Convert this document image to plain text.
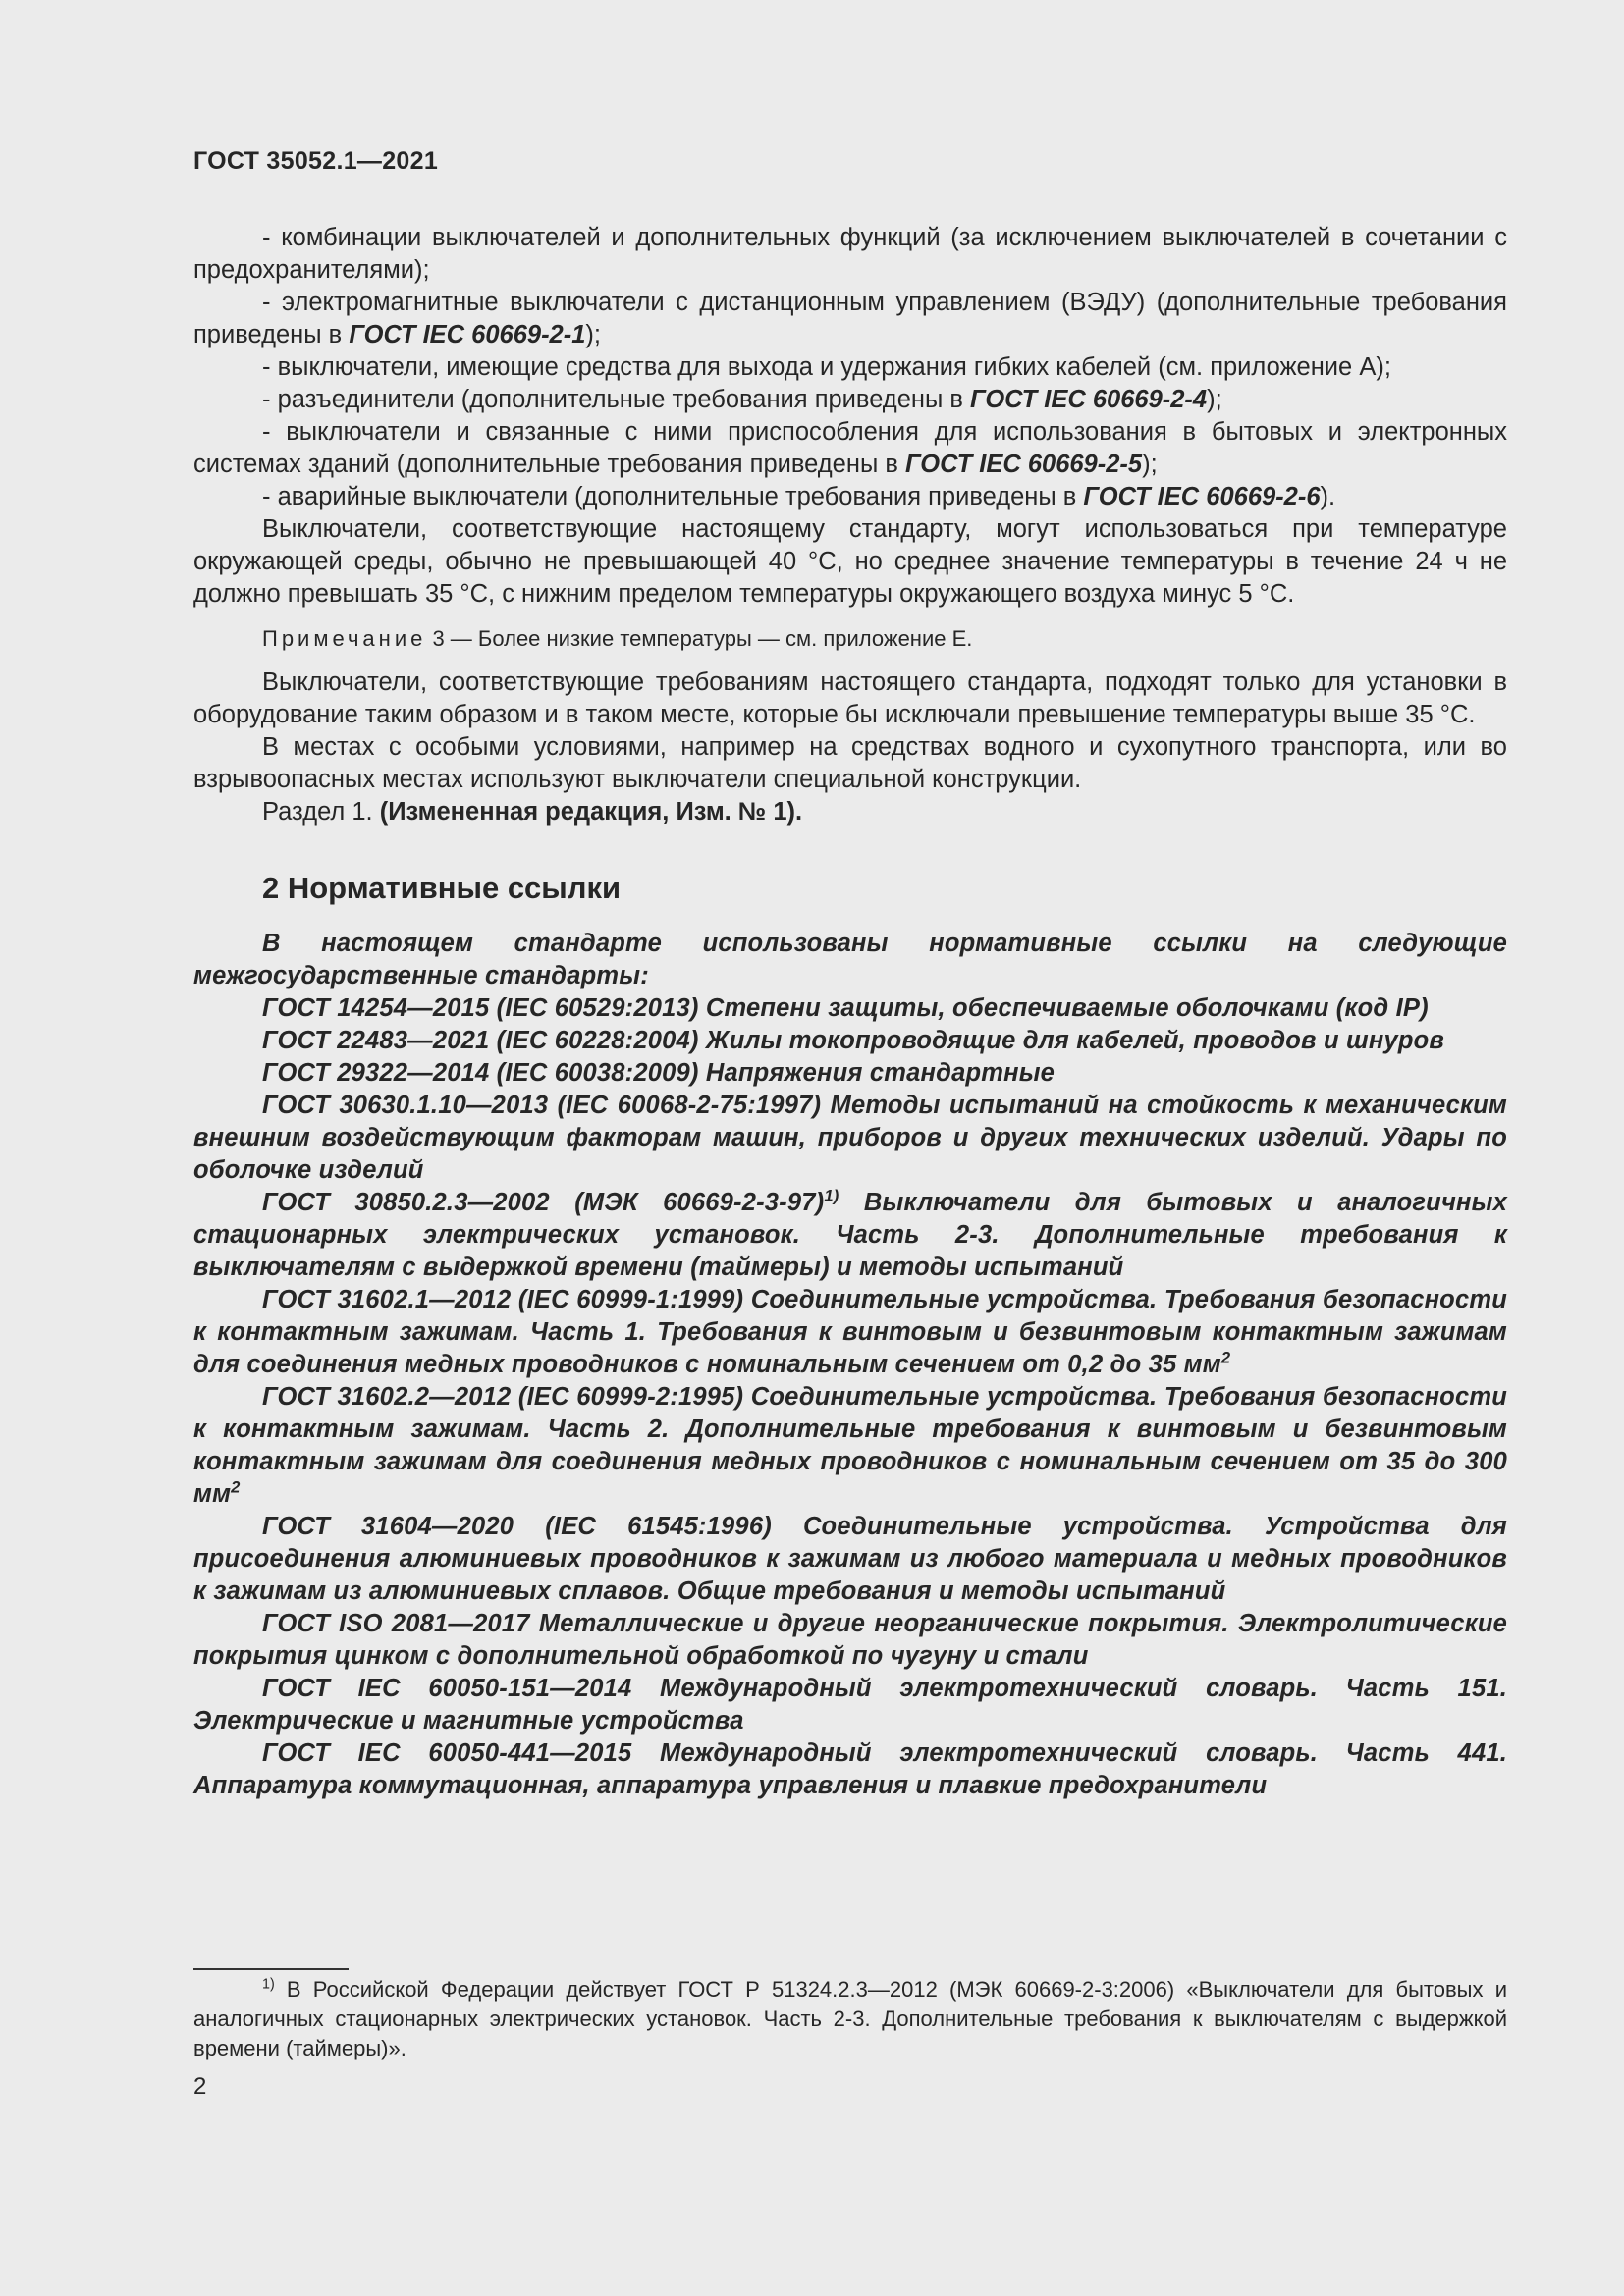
ГОСТ 35052.1—2021

- комбинации выключателей и дополнительных функций (за исключением выключателей в сочетании с предохранителями);

- электромагнитные выключатели с дистанционным управлением (ВЭДУ) (дополнительные требования приведены в ГОСТ IEC 60669-2-1);

- выключатели, имеющие средства для выхода и удержания гибких кабелей (см. приложение А);

- разъединители (дополнительные требования приведены в ГОСТ IEC 60669-2-4);

- выключатели и связанные с ними приспособления для использования в бытовых и электронных системах зданий (дополнительные требования приведены в ГОСТ IEC 60669-2-5);

- аварийные выключатели (дополнительные требования приведены в ГОСТ IEC 60669-2-6).

Выключатели, соответствующие настоящему стандарту, могут использоваться при температуре окружающей среды, обычно не превышающей 40 °С, но среднее значение температуры в течение 24 ч не должно превышать 35 °С, с нижним пределом температуры окружающего воздуха минус 5 °С.

Примечание 3 — Более низкие температуры — см. приложение Е.

Выключатели, соответствующие требованиям настоящего стандарта, подходят только для установки в оборудование таким образом и в таком месте, которые бы исключали превышение температуры выше 35 °С.

В местах с особыми условиями, например на средствах водного и сухопутного транспорта, или во взрывоопасных местах используют выключатели специальной конструкции.

Раздел 1. (Измененная редакция, Изм. № 1).

2 Нормативные ссылки

В настоящем стандарте использованы нормативные ссылки на следующие межгосударственные стандарты:

ГОСТ 14254—2015 (IEC 60529:2013) Степени защиты, обеспечиваемые оболочками (код IP)

ГОСТ 22483—2021 (IEC 60228:2004) Жилы токопроводящие для кабелей, проводов и шнуров

ГОСТ 29322—2014 (IEC 60038:2009) Напряжения стандартные

ГОСТ 30630.1.10—2013 (IEC 60068-2-75:1997) Методы испытаний на стойкость к механическим внешним воздействующим факторам машин, приборов и других технических изделий. Удары по оболочке изделий

ГОСТ 30850.2.3—2002 (МЭК 60669-2-3-97)$^{1)}$ Выключатели для бытовых и аналогичных стационарных электрических установок. Часть 2-3. Дополнительные требования к выключателям с выдержкой времени (таймеры) и методы испытаний

ГОСТ 31602.1—2012 (IEC 60999-1:1999) Соединительные устройства. Требования безопасности к контактным зажимам. Часть 1. Требования к винтовым и безвинтовым контактным зажимам для соединения медных проводников с номинальным сечением от 0,2 до 35 $мм^2$

ГОСТ 31602.2—2012 (IEC 60999-2:1995) Соединительные устройства. Требования безопасности к контактным зажимам. Часть 2. Дополнительные требования к винтовым и безвинтовым контактным зажимам для соединения медных проводников с номинальным сечением от 35 до 300 $мм^2$

ГОСТ 31604—2020 (IEC 61545:1996) Соединительные устройства. Устройства для присоединения алюминиевых проводников к зажимам из любого материала и медных проводников к зажимам из алюминиевых сплавов. Общие требования и методы испытаний

ГОСТ ISO 2081—2017 Металлические и другие неорганические покрытия. Электролитические покрытия цинком с дополнительной обработкой по чугуну и стали

ГОСТ IEC 60050-151—2014 Международный электротехнический словарь. Часть 151. Электрические и магнитные устройства

ГОСТ IEC 60050-441—2015 Международный электротехнический словарь. Часть 441. Аппаратура коммутационная, аппаратура управления и плавкие предохранители

$^{1)}$ В Российской Федерации действует ГОСТ Р 51324.2.3—2012 (МЭК 60669-2-3:2006) «Выключатели для бытовых и аналогичных стационарных электрических установок. Часть 2-3. Дополнительные требования к выключателям с выдержкой времени (таймеры)».
2
